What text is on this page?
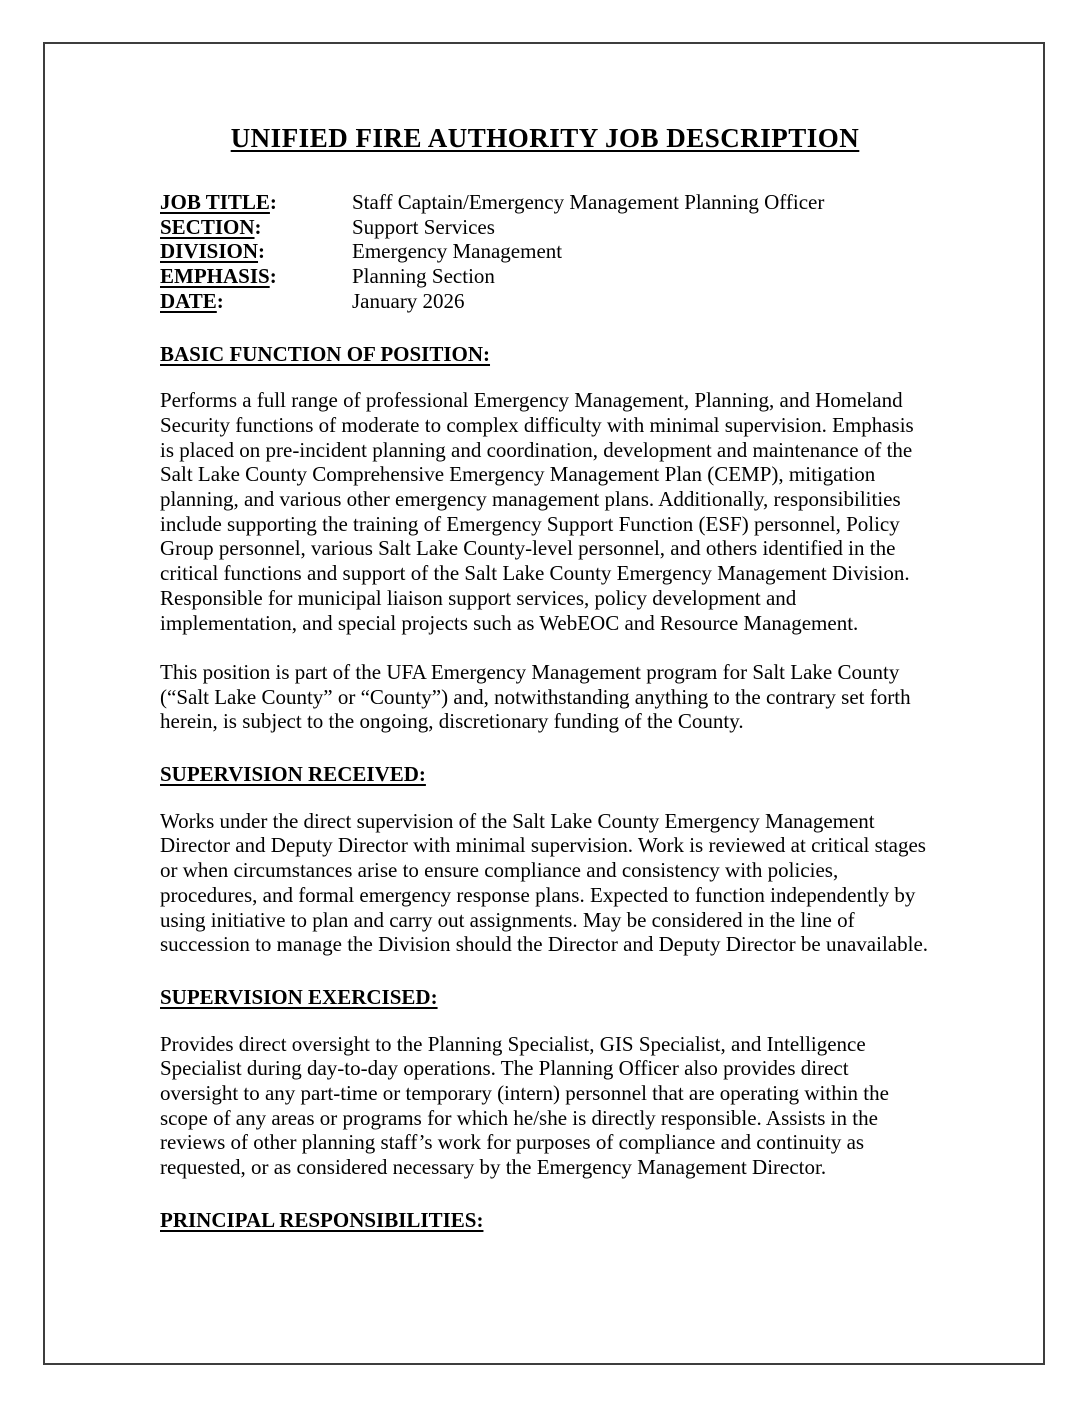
UNIFIED FIRE AUTHORITY JOB DESCRIPTION
JOB TITLE:	Staff Captain/Emergency Management Planning Officer
SECTION:	Support Services
DIVISION:	Emergency Management
EMPHASIS:	Planning Section
DATE:	January 2026
BASIC FUNCTION OF POSITION:

Performs a full range of professional Emergency Management, Planning, and Homeland Security functions of moderate to complex difficulty with minimal supervision. Emphasis is placed on pre-incident planning and coordination, development and maintenance of the Salt Lake County Comprehensive Emergency Management Plan (CEMP), mitigation planning, and various other emergency management plans. Additionally, responsibilities include supporting the training of Emergency Support Function (ESF) personnel, Policy Group personnel, various Salt Lake County-level personnel, and others identified in the critical functions and support of the Salt Lake County Emergency Management Division. Responsible for municipal liaison support services, policy development and implementation, and special projects such as WebEOC and Resource Management.

This position is part of the UFA Emergency Management program for Salt Lake County (“Salt Lake County” or “County”) and, notwithstanding anything to the contrary set forth herein, is subject to the ongoing, discretionary funding of the County.

SUPERVISION RECEIVED:

Works under the direct supervision of the Salt Lake County Emergency Management Director and Deputy Director with minimal supervision. Work is reviewed at critical stages or when circumstances arise to ensure compliance and consistency with policies, procedures, and formal emergency response plans. Expected to function independently by using initiative to plan and carry out assignments. May be considered in the line of succession to manage the Division should the Director and Deputy Director be unavailable.

SUPERVISION EXERCISED:

Provides direct oversight to the Planning Specialist, GIS Specialist, and Intelligence Specialist during day-to-day operations. The Planning Officer also provides direct oversight to any part-time or temporary (intern) personnel that are operating within the scope of any areas or programs for which he/she is directly responsible. Assists in the reviews of other planning staff’s work for purposes of compliance and continuity as requested, or as considered necessary by the Emergency Management Director.

PRINCIPAL RESPONSIBILITIES:
